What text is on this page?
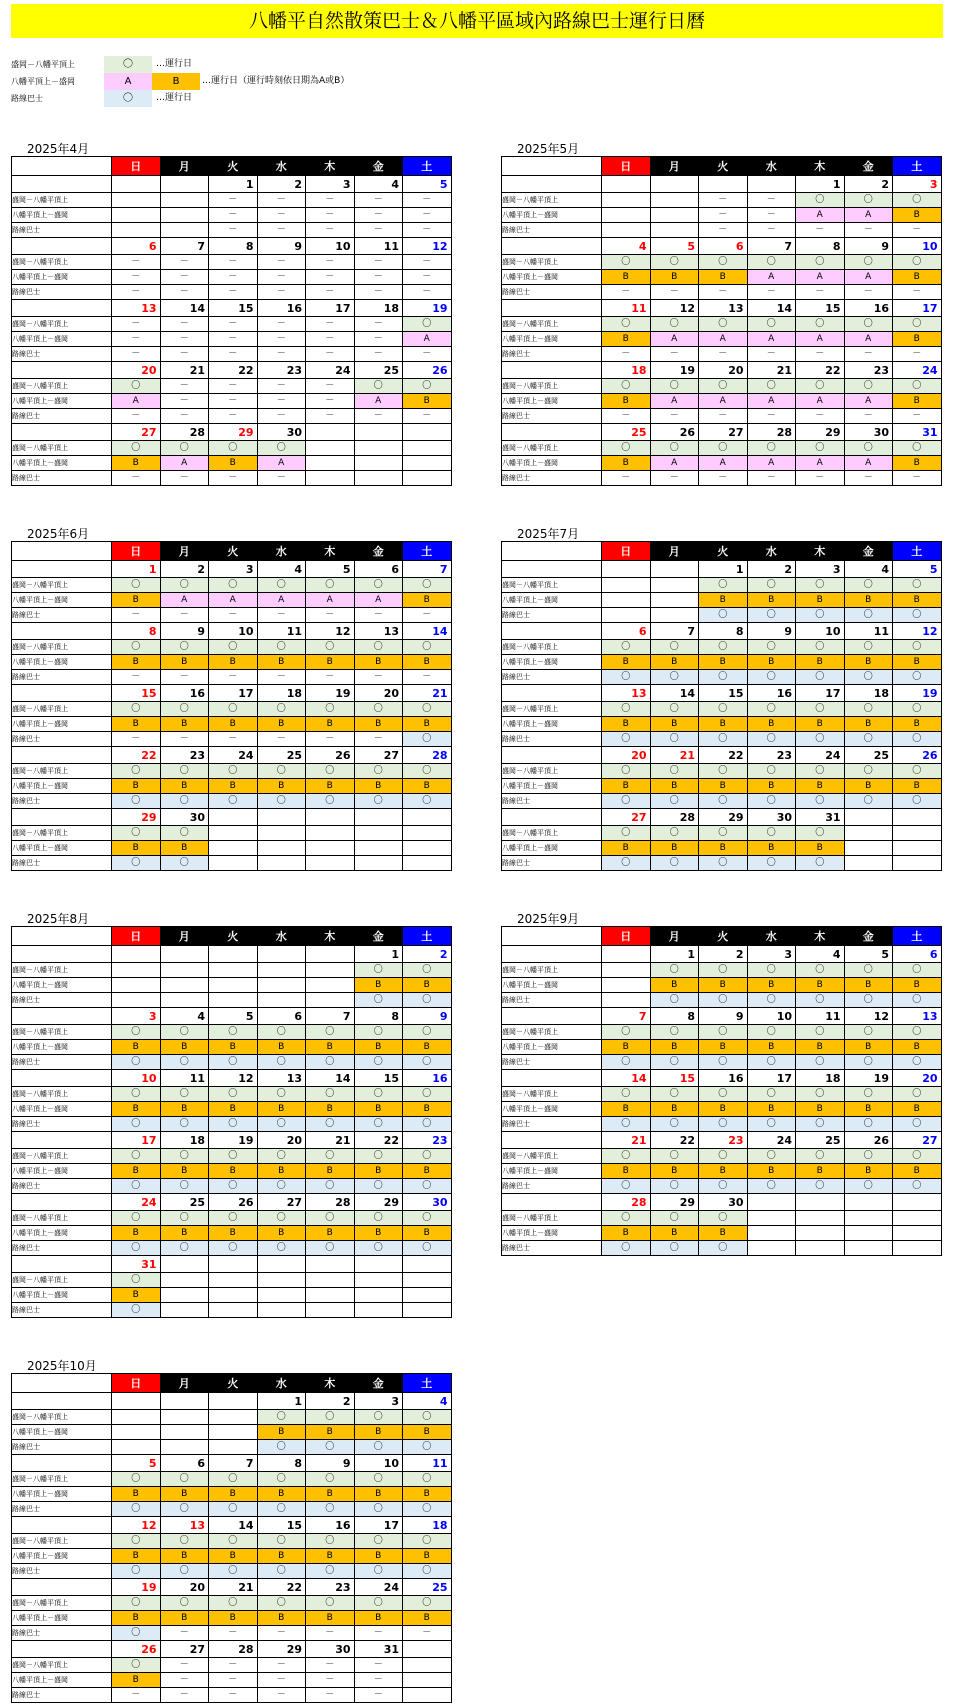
八幡平自然散策巴士＆八幡平區域內路線巴士運行日曆
盛岡－八幡平頂上	〇	…運行日
八幡平頂上－盛岡	A	B	…運行日（運行時刻依日期為A或B）
路線巴士	〇	…運行日
2025年4月
	日	月	火	水	木	金	土
			1	2	3	4	5
盛岡－八幡平頂上			－	－	－	－	－
八幡平頂上－盛岡			－	－	－	－	－
路線巴士			－	－	－	－	－
	6	7	8	9	10	11	12
盛岡－八幡平頂上	－	－	－	－	－	－	－
八幡平頂上－盛岡	－	－	－	－	－	－	－
路線巴士	－	－	－	－	－	－	－
	13	14	15	16	17	18	19
盛岡－八幡平頂上	－	－	－	－	－	－	〇
八幡平頂上－盛岡	－	－	－	－	－	－	A
路線巴士	－	－	－	－	－	－	－
	20	21	22	23	24	25	26
盛岡－八幡平頂上	〇	－	－	－	－	〇	〇
八幡平頂上－盛岡	A	－	－	－	－	A	B
路線巴士	－	－	－	－	－	－	－
	27	28	29	30			
盛岡－八幡平頂上	〇	〇	〇	〇			
八幡平頂上－盛岡	B	A	B	A			
路線巴士	－	－	－	－			
2025年5月
	日	月	火	水	木	金	土
					1	2	3
盛岡－八幡平頂上			－	－	〇	〇	〇
八幡平頂上－盛岡			－	－	A	A	B
路線巴士			－	－	－	－	－
	4	5	6	7	8	9	10
盛岡－八幡平頂上	〇	〇	〇	〇	〇	〇	〇
八幡平頂上－盛岡	B	B	B	A	A	A	B
路線巴士	－	－	－	－	－	－	－
	11	12	13	14	15	16	17
盛岡－八幡平頂上	〇	〇	〇	〇	〇	〇	〇
八幡平頂上－盛岡	B	A	A	A	A	A	B
路線巴士	－	－	－	－	－	－	－
	18	19	20	21	22	23	24
盛岡－八幡平頂上	〇	〇	〇	〇	〇	〇	〇
八幡平頂上－盛岡	B	A	A	A	A	A	B
路線巴士	－	－	－	－	－	－	－
	25	26	27	28	29	30	31
盛岡－八幡平頂上	〇	〇	〇	〇	〇	〇	〇
八幡平頂上－盛岡	B	A	A	A	A	A	B
路線巴士	－	－	－	－	－	－	－
2025年6月
	日	月	火	水	木	金	土
	1	2	3	4	5	6	7
盛岡－八幡平頂上	〇	〇	〇	〇	〇	〇	〇
八幡平頂上－盛岡	B	A	A	A	A	A	B
路線巴士	－	－	－	－	－	－	－
	8	9	10	11	12	13	14
盛岡－八幡平頂上	〇	〇	〇	〇	〇	〇	〇
八幡平頂上－盛岡	B	B	B	B	B	B	B
路線巴士	－	－	－	－	－	－	－
	15	16	17	18	19	20	21
盛岡－八幡平頂上	〇	〇	〇	〇	〇	〇	〇
八幡平頂上－盛岡	B	B	B	B	B	B	B
路線巴士	－	－	－	－	－	－	〇
	22	23	24	25	26	27	28
盛岡－八幡平頂上	〇	〇	〇	〇	〇	〇	〇
八幡平頂上－盛岡	B	B	B	B	B	B	B
路線巴士	〇	〇	〇	〇	〇	〇	〇
	29	30					
盛岡－八幡平頂上	〇	〇					
八幡平頂上－盛岡	B	B					
路線巴士	〇	〇					
2025年7月
	日	月	火	水	木	金	土
			1	2	3	4	5
盛岡－八幡平頂上			〇	〇	〇	〇	〇
八幡平頂上－盛岡			B	B	B	B	B
路線巴士			〇	〇	〇	〇	〇
	6	7	8	9	10	11	12
盛岡－八幡平頂上	〇	〇	〇	〇	〇	〇	〇
八幡平頂上－盛岡	B	B	B	B	B	B	B
路線巴士	〇	〇	〇	〇	〇	〇	〇
	13	14	15	16	17	18	19
盛岡－八幡平頂上	〇	〇	〇	〇	〇	〇	〇
八幡平頂上－盛岡	B	B	B	B	B	B	B
路線巴士	〇	〇	〇	〇	〇	〇	〇
	20	21	22	23	24	25	26
盛岡－八幡平頂上	〇	〇	〇	〇	〇	〇	〇
八幡平頂上－盛岡	B	B	B	B	B	B	B
路線巴士	〇	〇	〇	〇	〇	〇	〇
	27	28	29	30	31		
盛岡－八幡平頂上	〇	〇	〇	〇	〇		
八幡平頂上－盛岡	B	B	B	B	B		
路線巴士	〇	〇	〇	〇	〇		
2025年8月
	日	月	火	水	木	金	土
						1	2
盛岡－八幡平頂上						〇	〇
八幡平頂上－盛岡						B	B
路線巴士						〇	〇
	3	4	5	6	7	8	9
盛岡－八幡平頂上	〇	〇	〇	〇	〇	〇	〇
八幡平頂上－盛岡	B	B	B	B	B	B	B
路線巴士	〇	〇	〇	〇	〇	〇	〇
	10	11	12	13	14	15	16
盛岡－八幡平頂上	〇	〇	〇	〇	〇	〇	〇
八幡平頂上－盛岡	B	B	B	B	B	B	B
路線巴士	〇	〇	〇	〇	〇	〇	〇
	17	18	19	20	21	22	23
盛岡－八幡平頂上	〇	〇	〇	〇	〇	〇	〇
八幡平頂上－盛岡	B	B	B	B	B	B	B
路線巴士	〇	〇	〇	〇	〇	〇	〇
	24	25	26	27	28	29	30
盛岡－八幡平頂上	〇	〇	〇	〇	〇	〇	〇
八幡平頂上－盛岡	B	B	B	B	B	B	B
路線巴士	〇	〇	〇	〇	〇	〇	〇
	31						
盛岡－八幡平頂上	〇						
八幡平頂上－盛岡	B						
路線巴士	〇						
2025年9月
	日	月	火	水	木	金	土
		1	2	3	4	5	6
盛岡－八幡平頂上		〇	〇	〇	〇	〇	〇
八幡平頂上－盛岡		B	B	B	B	B	B
路線巴士		〇	〇	〇	〇	〇	〇
	7	8	9	10	11	12	13
盛岡－八幡平頂上	〇	〇	〇	〇	〇	〇	〇
八幡平頂上－盛岡	B	B	B	B	B	B	B
路線巴士	〇	〇	〇	〇	〇	〇	〇
	14	15	16	17	18	19	20
盛岡－八幡平頂上	〇	〇	〇	〇	〇	〇	〇
八幡平頂上－盛岡	B	B	B	B	B	B	B
路線巴士	〇	〇	〇	〇	〇	〇	〇
	21	22	23	24	25	26	27
盛岡－八幡平頂上	〇	〇	〇	〇	〇	〇	〇
八幡平頂上－盛岡	B	B	B	B	B	B	B
路線巴士	〇	〇	〇	〇	〇	〇	〇
	28	29	30				
盛岡－八幡平頂上	〇	〇	〇				
八幡平頂上－盛岡	B	B	B				
路線巴士	〇	〇	〇				
2025年10月
	日	月	火	水	木	金	土
				1	2	3	4
盛岡－八幡平頂上				〇	〇	〇	〇
八幡平頂上－盛岡				B	B	B	B
路線巴士				〇	〇	〇	〇
	5	6	7	8	9	10	11
盛岡－八幡平頂上	〇	〇	〇	〇	〇	〇	〇
八幡平頂上－盛岡	B	B	B	B	B	B	B
路線巴士	〇	〇	〇	〇	〇	〇	〇
	12	13	14	15	16	17	18
盛岡－八幡平頂上	〇	〇	〇	〇	〇	〇	〇
八幡平頂上－盛岡	B	B	B	B	B	B	B
路線巴士	〇	〇	〇	〇	〇	〇	〇
	19	20	21	22	23	24	25
盛岡－八幡平頂上	〇	〇	〇	〇	〇	〇	〇
八幡平頂上－盛岡	B	B	B	B	B	B	B
路線巴士	〇	－	－	－	－	－	－
	26	27	28	29	30	31	
盛岡－八幡平頂上	〇	－	－	－	－	－	
八幡平頂上－盛岡	B	－	－	－	－	－	
路線巴士	－	－	－	－	－	－	
